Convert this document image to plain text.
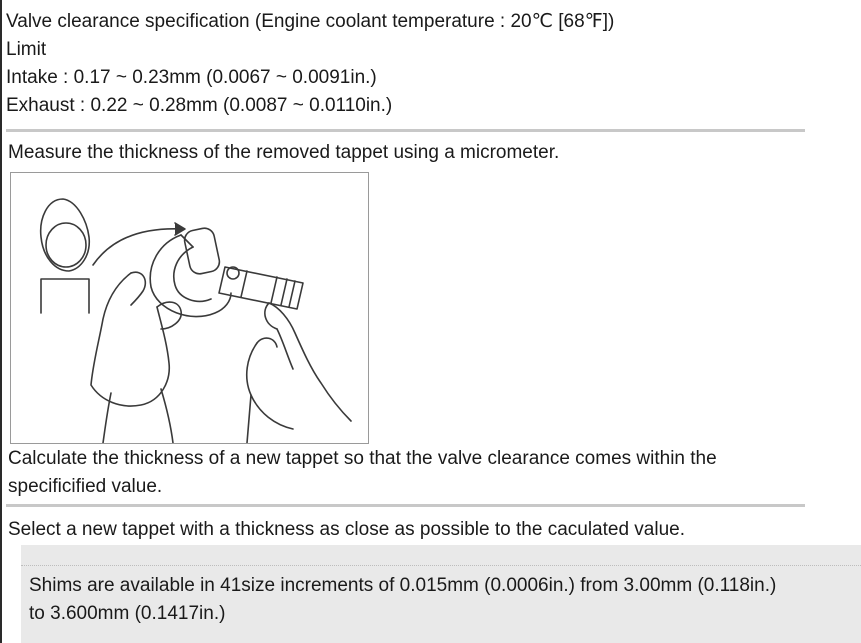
Valve clearance specification (Engine coolant temperature : 20℃ [68℉])
Limit
Intake : 0.17 ~ 0.23mm (0.0067 ~ 0.0091in.)
Exhaust : 0.22 ~ 0.28mm (0.0087 ~ 0.0110in.)
Measure the thickness of the removed tappet using a micrometer.
Calculate the thickness of a new tappet so that the valve clearance comes within the
specificified value.
Select a new tappet with a thickness as close as possible to the caculated value.
Shims are available in 41size increments of 0.015mm (0.0006in.) from 3.00mm (0.118in.)
to 3.600mm (0.1417in.)
